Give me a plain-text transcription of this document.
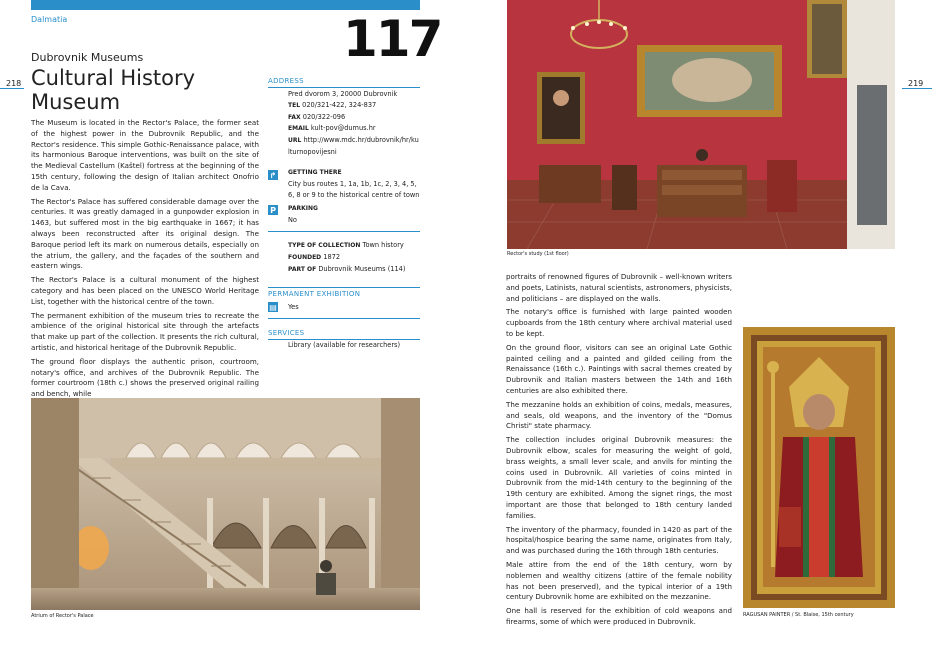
Dalmatia
218
117
Dubrovnik Museums
Cultural History Museum

The Museum is located in the Rector's Palace, the former seat of the highest power in the Dubrovnik Republic, and the Rector's residence. This simple Gothic-Renaissance palace, with its harmonious Baroque interventions, was built on the site of the Medieval Castellum (Kaštel) fortress at the beginning of the 15th century, following the design of Italian architect Onofrio de la Cava.

The Rector's Palace has suffered considerable damage over the centuries. It was greatly damaged in a gunpowder explosion in 1463, but suffered most in the big earthquake in 1667; it has always been reconstructed after its original design. The Baroque period left its mark on numerous details, especially on the atrium, the gallery, and the façades of the southern and eastern wings.

The Rector's Palace is a cultural monument of the highest category and has been placed on the UNESCO World Heritage List, together with the historical centre of the town.

The permanent exhibition of the museum tries to recreate the ambience of the original historical site through the artefacts that make up part of the collection. It presents the rich cultural, artistic, and historical heritage of the Dubrovnik Republic.

The ground floor displays the authentic prison, courtroom, notary's office, and archives of the Dubrovnik Republic. The former courtroom (18th c.) shows the preserved original railing and bench, while

ADDRESS
Pred dvorom 3, 20000 Dubrovnik
TEL 020/321-422, 324-837
FAX 020/322-096
EMAIL kult-pov@dumus.hr
URL http://www.mdc.hr/dubrovnik/hr/kulturnopovijesni
↱ GETTING THERE
City bus routes 1, 1a, 1b, 1c, 2, 3, 4, 5, 6, 8 or 9 to the historical centre of town
P	PARKING
No
TYPE OF COLLECTION Town history
FOUNDED 1872
PART OF Dubrovnik Museums (114)
PERMANENT EXHIBITION
▤ Yes
SERVICES
Library (available for researchers)
Atrium of Rector's Palace
219
Rector's study (1st floor)

portraits of renowned figures of Dubrovnik – well-known writers and poets, Latinists, natural scientists, astronomers, physicists, and politicians – are displayed on the walls.

The notary's office is furnished with large painted wooden cupboards from the 18th century where archival material used to be kept.

On the ground floor, visitors can see an original Late Gothic painted ceiling and a painted and gilded ceiling from the Renaissance (16th c.). Paintings with sacral themes created by Dubrovnik and Italian masters between the 14th and 16th centuries are also exhibited there.

The mezzanine holds an exhibition of coins, medals, measures, and seals, old weapons, and the inventory of the "Domus Christi" state pharmacy.

The collection includes original Dubrovnik measures: the Dubrovnik elbow, scales for measuring the weight of gold, brass weights, a small lever scale, and anvils for minting the coins used in Dubrovnik. All varieties of coins minted in Dubrovnik from the mid-14th century to the beginning of the 19th century are exhibited. Among the signet rings, the most important are those that belonged to 18th century landed families.

The inventory of the pharmacy, founded in 1420 as part of the hospital/hospice bearing the same name, originates from Italy, and was purchased during the 16th through 18th centuries.

Male attire from the end of the 18th century, worn by noblemen and wealthy citizens (attire of the female nobility has not been preserved), and the typical interior of a 19th century Dubrovnik home are exhibited on the mezzanine.

One hall is reserved for the exhibition of cold weapons and firearms, some of which were produced in Dubrovnik.

RAGUSAN PAINTER / St. Blaise, 15th century
